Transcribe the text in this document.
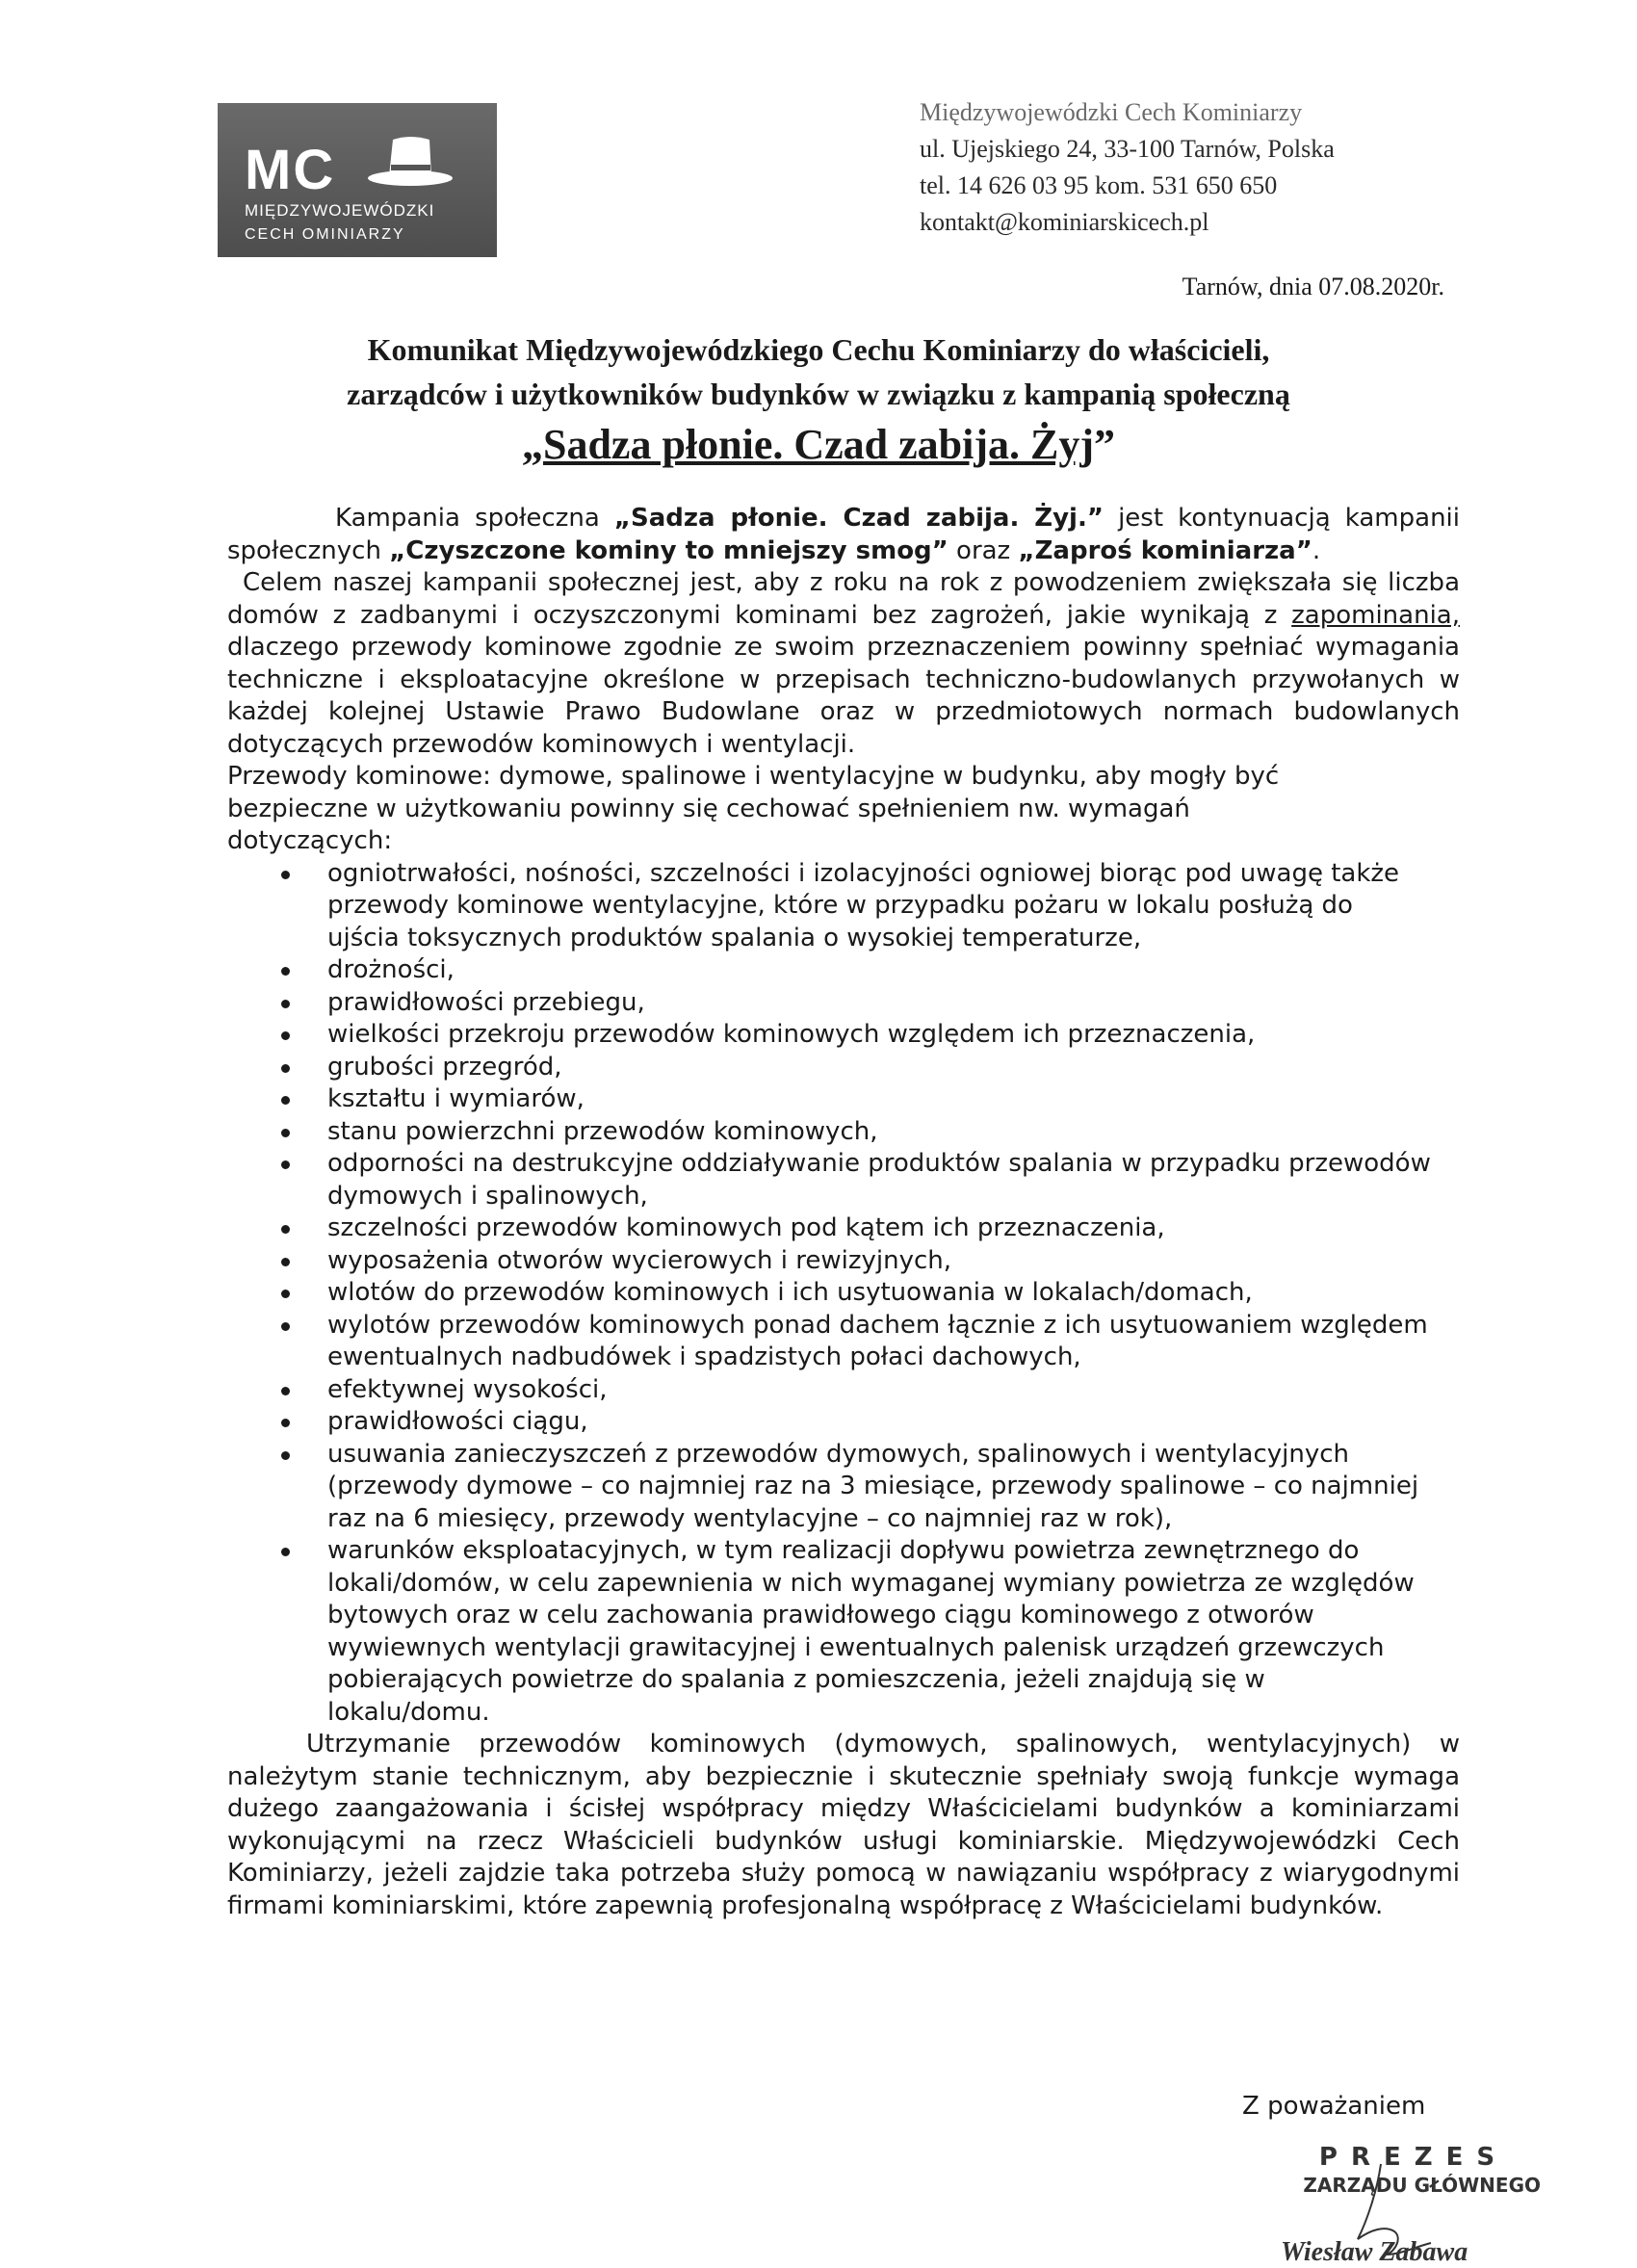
MC
MIĘDZYWOJEWÓDZKI
CECH OMINIARZY
Międzywojewódzki Cech Kominiarzy
ul. Ujejskiego 24, 33-100 Tarnów, Polska
tel. 14 626 03 95 kom. 531 650 650
kontakt@kominiarskicech.pl
Tarnów, dnia 07.08.2020r.
Komunikat Międzywojewódzkiego Cechu Kominiarzy do właścicieli,
zarządców i użytkowników budynków w związku z kampanią społeczną
„Sadza płonie. Czad zabija. Żyj”

Kampania społeczna „Sadza płonie. Czad zabija. Żyj.” jest kontynuacją kampanii społecznych „Czyszczone kominy to mniejszy smog” oraz „Zaproś kominiarza”.

Celem naszej kampanii społecznej jest, aby z roku na rok z powodzeniem zwiększała się liczba domów z zadbanymi i oczyszczonymi kominami bez zagrożeń, jakie wynikają z zapominania, dlaczego przewody kominowe zgodnie ze swoim przeznaczeniem powinny spełniać wymagania techniczne i eksploatacyjne określone w przepisach techniczno-budowlanych przywołanych w każdej kolejnej Ustawie Prawo Budowlane oraz w przedmiotowych normach budowlanych dotyczących przewodów kominowych i wentylacji.

Przewody kominowe: dymowe, spalinowe i wentylacyjne w budynku, aby mogły być bezpieczne w użytkowaniu powinny się cechować spełnieniem nw. wymagań dotyczących:

ogniotrwałości, nośności, szczelności i izolacyjności ogniowej biorąc pod uwagę także przewody kominowe wentylacyjne, które w przypadku pożaru w lokalu posłużą do ujścia toksycznych produktów spalania o wysokiej temperaturze,
drożności,
prawidłowości przebiegu,
wielkości przekroju przewodów kominowych względem ich przeznaczenia,
grubości przegród,
kształtu i wymiarów,
stanu powierzchni przewodów kominowych,
odporności na destrukcyjne oddziaływanie produktów spalania w przypadku przewodów dymowych i spalinowych,
szczelności przewodów kominowych pod kątem ich przeznaczenia,
wyposażenia otworów wycierowych i rewizyjnych,
wlotów do przewodów kominowych i ich usytuowania w lokalach/domach,
wylotów przewodów kominowych ponad dachem łącznie z ich usytuowaniem względem ewentualnych nadbudówek i spadzistych połaci dachowych,
efektywnej wysokości,
prawidłowości ciągu,
usuwania zanieczyszczeń z przewodów dymowych, spalinowych i wentylacyjnych (przewody dymowe – co najmniej raz na 3 miesiące, przewody spalinowe – co najmniej raz na 6 miesięcy, przewody wentylacyjne – co najmniej raz w rok),
warunków eksploatacyjnych, w tym realizacji dopływu powietrza zewnętrznego do lokali/domów, w celu zapewnienia w nich wymaganej wymiany powietrza ze względów bytowych oraz w celu zachowania prawidłowego ciągu kominowego z otworów wywiewnych wentylacji grawitacyjnej i ewentualnych palenisk urządzeń grzewczych pobierających powietrze do spalania z pomieszczenia, jeżeli znajdują się w lokalu/domu.

Utrzymanie przewodów kominowych (dymowych, spalinowych, wentylacyjnych) w należytym stanie technicznym, aby bezpiecznie i skutecznie spełniały swoją funkcje wymaga dużego zaangażowania i ścisłej współpracy między Właścicielami budynków a kominiarzami wykonującymi na rzecz Właścicieli budynków usługi kominiarskie. Międzywojewódzki Cech Kominiarzy, jeżeli zajdzie taka potrzeba służy pomocą w nawiązaniu współpracy z wiarygodnymi firmami kominiarskimi, które zapewnią profesjonalną współpracę z Właścicielami budynków.

Z poważaniem
PREZES
ZARZĄDU GŁÓWNEGO
Wiesław Zabawa
